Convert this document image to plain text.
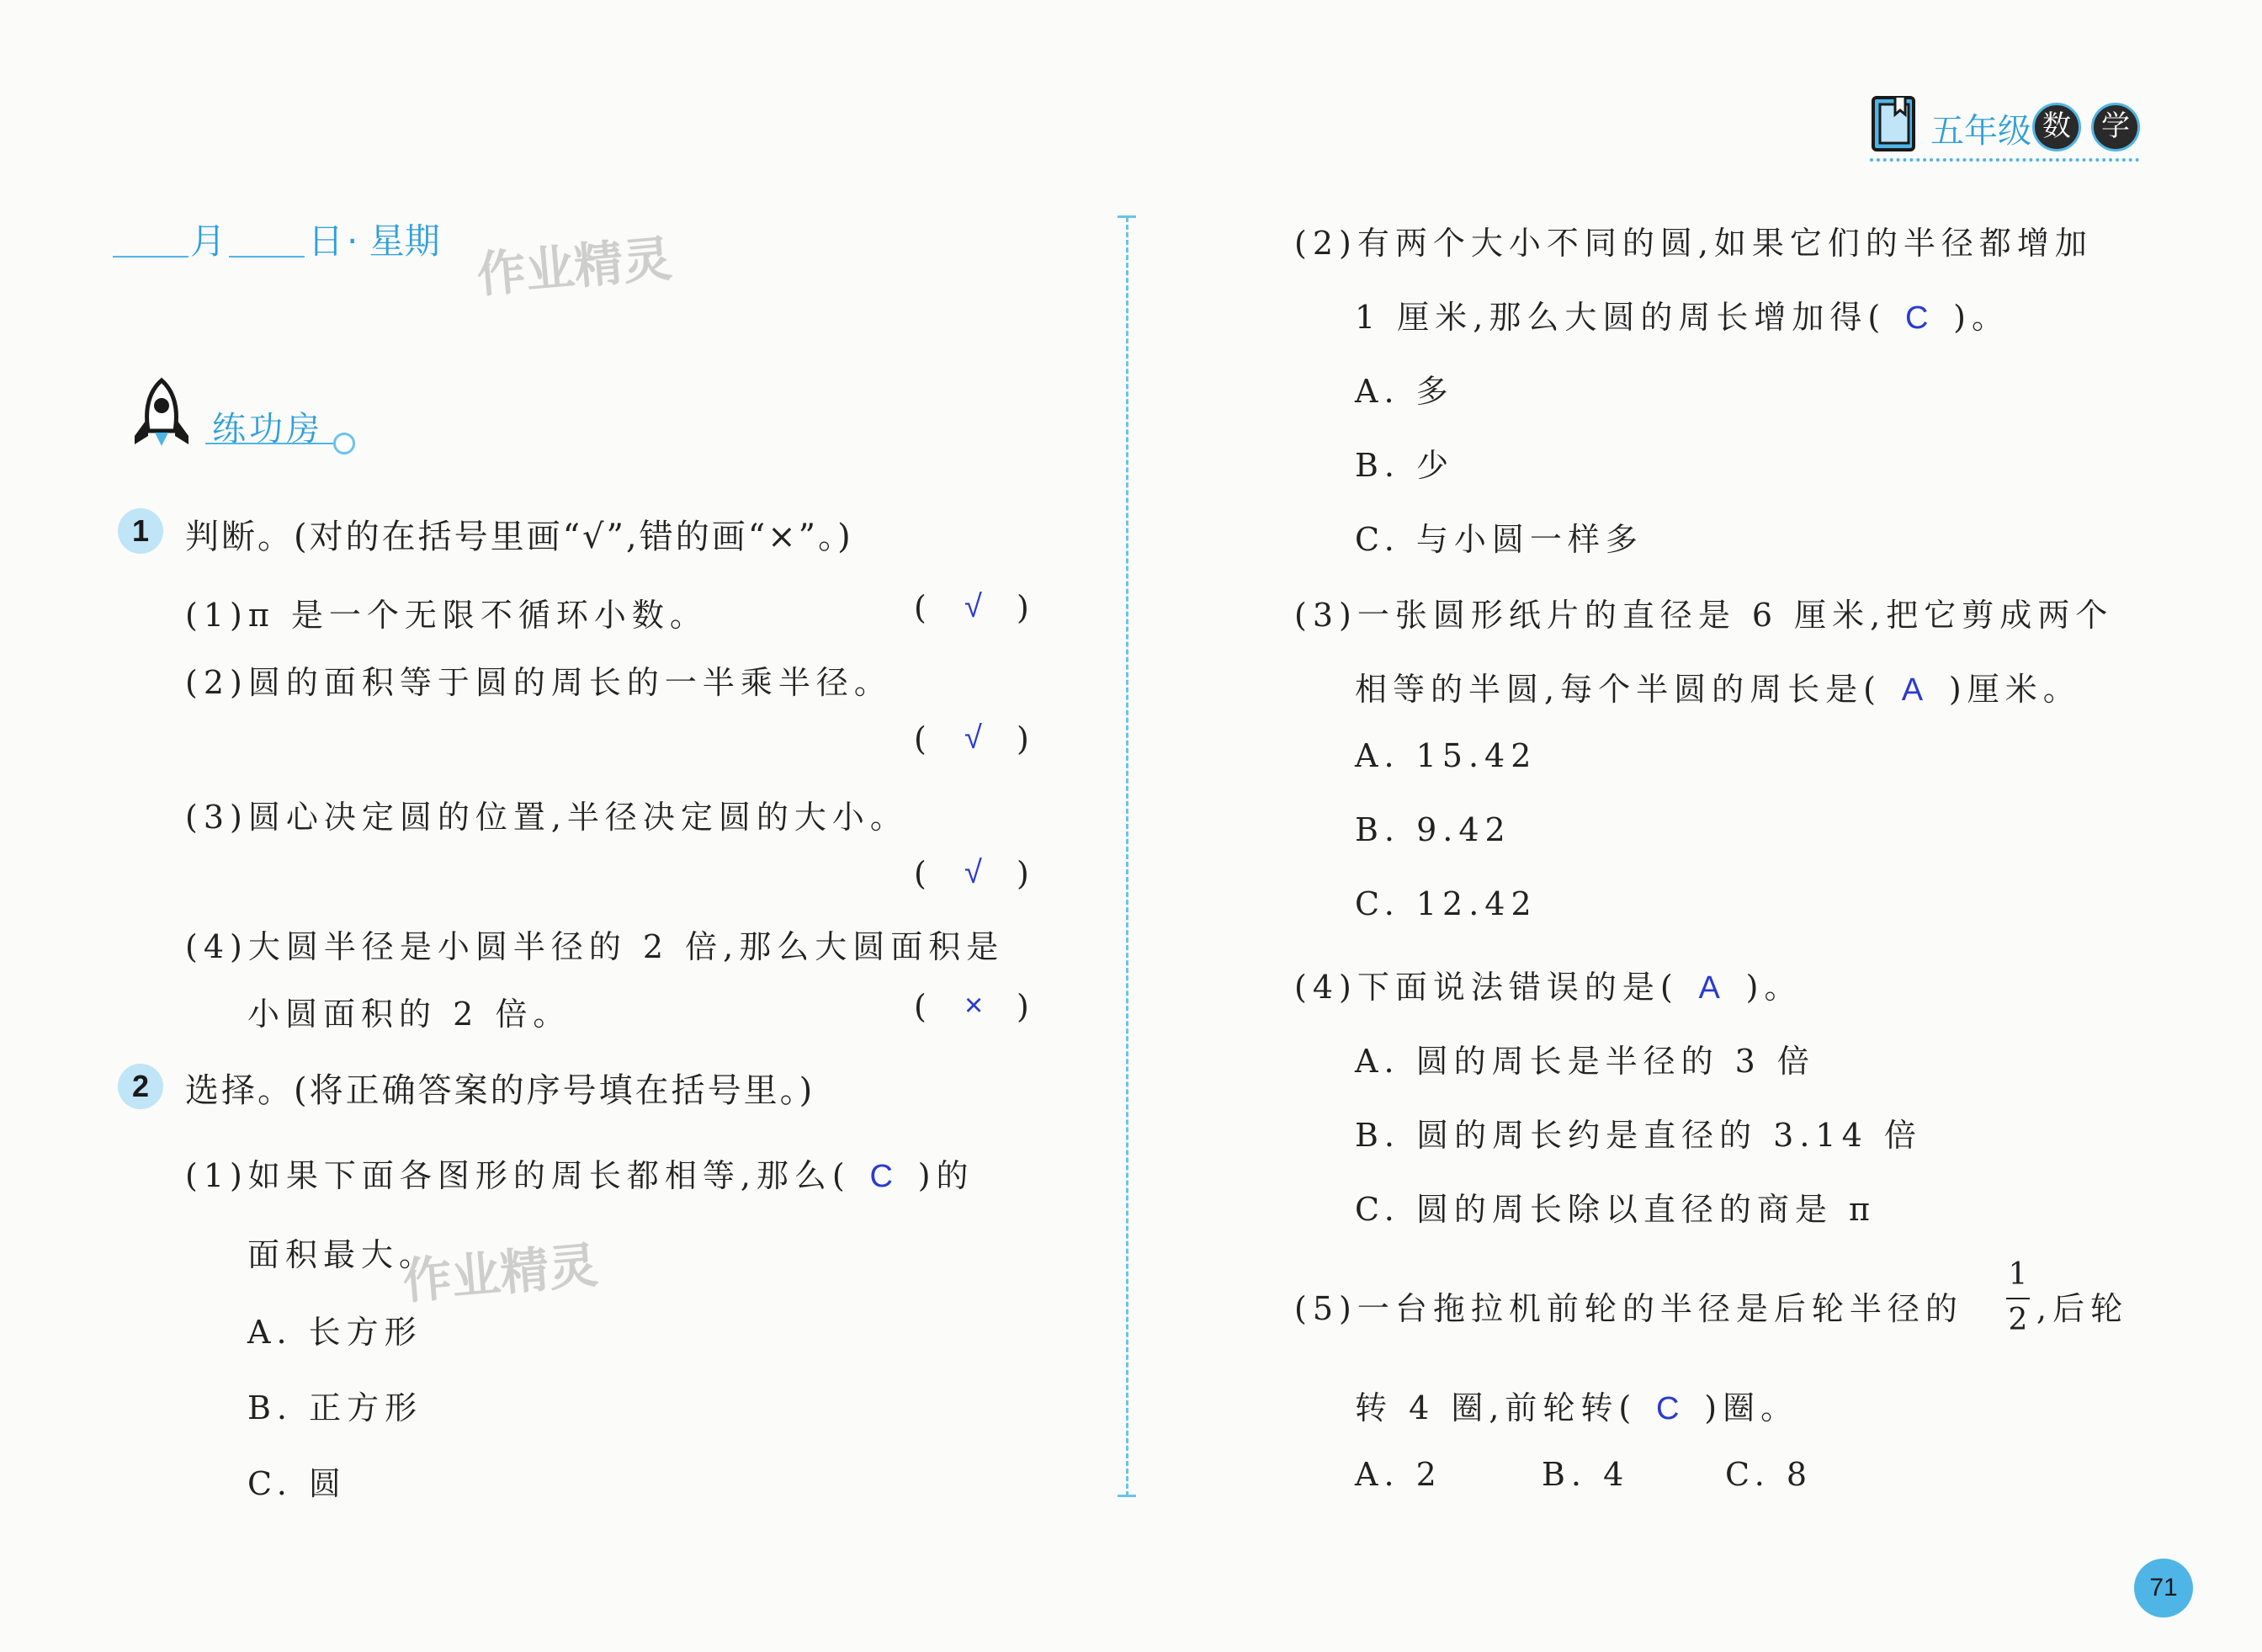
五年级 数	学
月 日 · 星期 作业精灵
练功房
1	判断。(对的在括号里画“√”,错的画“×”。)
(1)π 是一个无限不循环小数。	( √ )
(2)圆的面积等于圆的周长的一半乘半径。
( √ )
(3)圆心决定圆的位置,半径决定圆的大小。
( √ )
(4)大圆半径是小圆半径的 2 倍,那么大圆面积是
小圆面积的 2 倍。	( × )
2	选择。(将正确答案的序号填在括号里。)
(1)如果下面各图形的周长都相等,那么( C )的
面积最大。
作业精灵
A. 长方形
B. 正方形
C. 圆
(2)有两个大小不同的圆,如果它们的半径都增加
1 厘米,那么大圆的周长增加得( C )。
A. 多
B. 少
C. 与小圆一样多
(3)一张圆形纸片的直径是 6 厘米,把它剪成两个
相等的半圆,每个半圆的周长是( A )厘米。
A. 15.42
B. 9.42
C. 12.42
(4)下面说法错误的是( A )。
A. 圆的周长是半径的 3 倍
B. 圆的周长约是直径的 3.14 倍
C. 圆的周长除以直径的商是 π
(5)一台拖拉机前轮的半径是后轮半径的
1
2 ,后轮
转 4 圈,前轮转( C )圈。
A. 2	B. 4	C. 8
71
